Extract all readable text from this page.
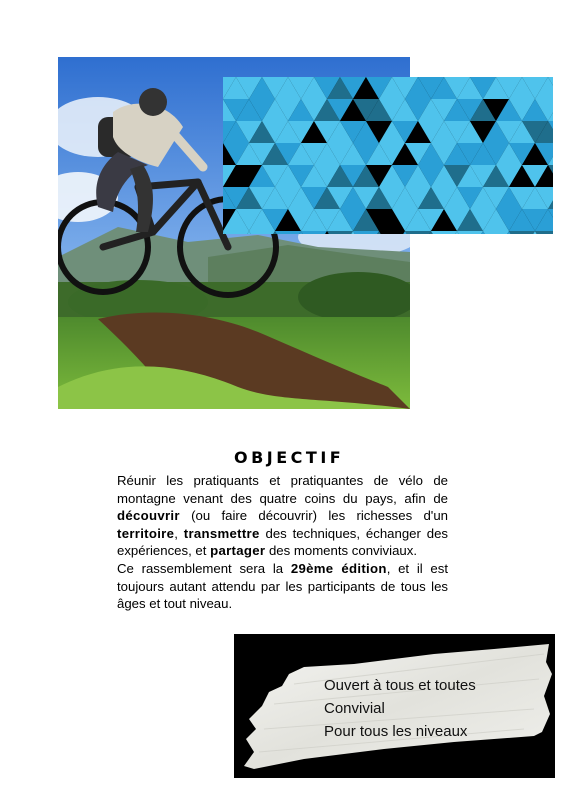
OBJECTIF
Réunir les pratiquants et pratiquantes de vélo de montagne venant des quatre coins du pays, afin de découvrir (ou faire découvrir) les richesses d'un territoire, transmettre des techniques, échanger des expériences, et partager des moments conviviaux.
Ce rassemblement sera la 29ème édition, et il est toujours autant attendu par les participants de tous les âges et tout niveau.
Ouvert à tous et toutes
Convivial
Pour tous les niveaux
